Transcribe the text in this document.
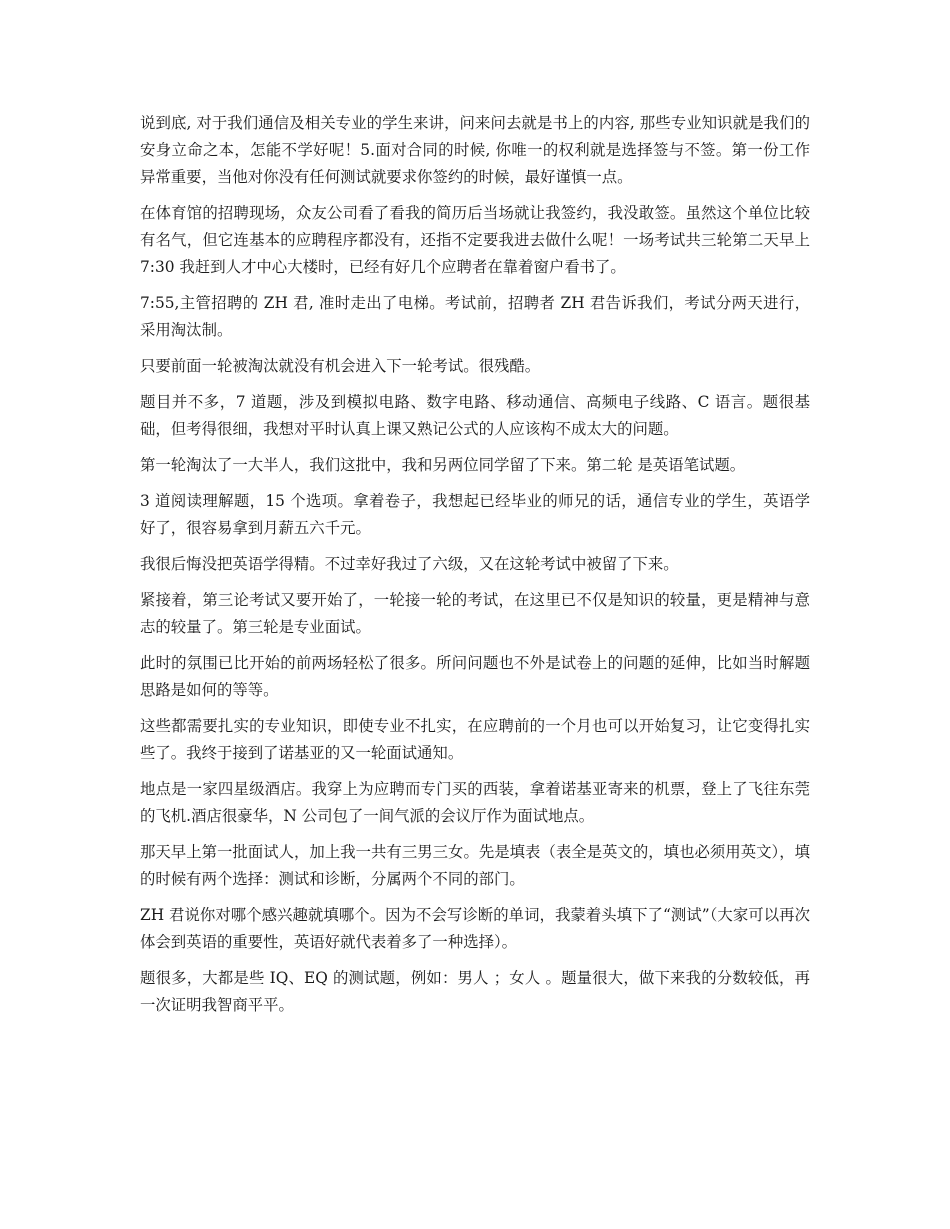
说到底, 对于我们通信及相关专业的学生来讲，问来问去就是书上的内容, 那些专业知识就是我们的安身立命之本，怎能不学好呢！5.面对合同的时候, 你唯一的权利就是选择签与不签。第一份工作异常重要，当他对你没有任何测试就要求你签约的时候，最好谨慎一点。

在体育馆的招聘现场，众友公司看了看我的简历后当场就让我签约，我没敢签。虽然这个单位比较有名气，但它连基本的应聘程序都没有，还指不定要我进去做什么呢！一场考试共三轮第二天早上 7:30 我赶到人才中心大楼时，已经有好几个应聘者在靠着窗户看书了。

7:55,主管招聘的 ZH 君, 准时走出了电梯。考试前，招聘者 ZH 君告诉我们，考试分两天进行，采用淘汰制。

只要前面一轮被淘汰就没有机会进入下一轮考试。很残酷。

题目并不多，7 道题，涉及到模拟电路、数字电路、移动通信、高频电子线路、C 语言。题很基础，但考得很细，我想对平时认真上课又熟记公式的人应该构不成太大的问题。

第一轮淘汰了一大半人，我们这批中，我和另两位同学留了下来。第二轮 是英语笔试题。

3 道阅读理解题，15 个选项。拿着卷子，我想起已经毕业的师兄的话，通信专业的学生，英语学好了，很容易拿到月薪五六千元。

我很后悔没把英语学得精。不过幸好我过了六级，又在这轮考试中被留了下来。

紧接着，第三论考试又要开始了，一轮接一轮的考试，在这里已不仅是知识的较量，更是精神与意志的较量了。第三轮是专业面试。

此时的氛围已比开始的前两场轻松了很多。所问问题也不外是试卷上的问题的延伸，比如当时解题思路是如何的等等。

这些都需要扎实的专业知识，即使专业不扎实，在应聘前的一个月也可以开始复习，让它变得扎实些了。我终于接到了诺基亚的又一轮面试通知。

地点是一家四星级酒店。我穿上为应聘而专门买的西装，拿着诺基亚寄来的机票，登上了飞往东莞的飞机.酒店很豪华，N 公司包了一间气派的会议厅作为面试地点。

那天早上第一批面试人，加上我一共有三男三女。先是填表（表全是英文的，填也必须用英文），填的时候有两个选择：测试和诊断，分属两个不同的部门。

ZH 君说你对哪个感兴趣就填哪个。因为不会写诊断的单词，我蒙着头填下了“测试”（大家可以再次体会到英语的重要性，英语好就代表着多了一种选择）。

题很多，大都是些 IQ、EQ 的测试题，例如：男人 ；女人 。题量很大，做下来我的分数较低，再一次证明我智商平平。
